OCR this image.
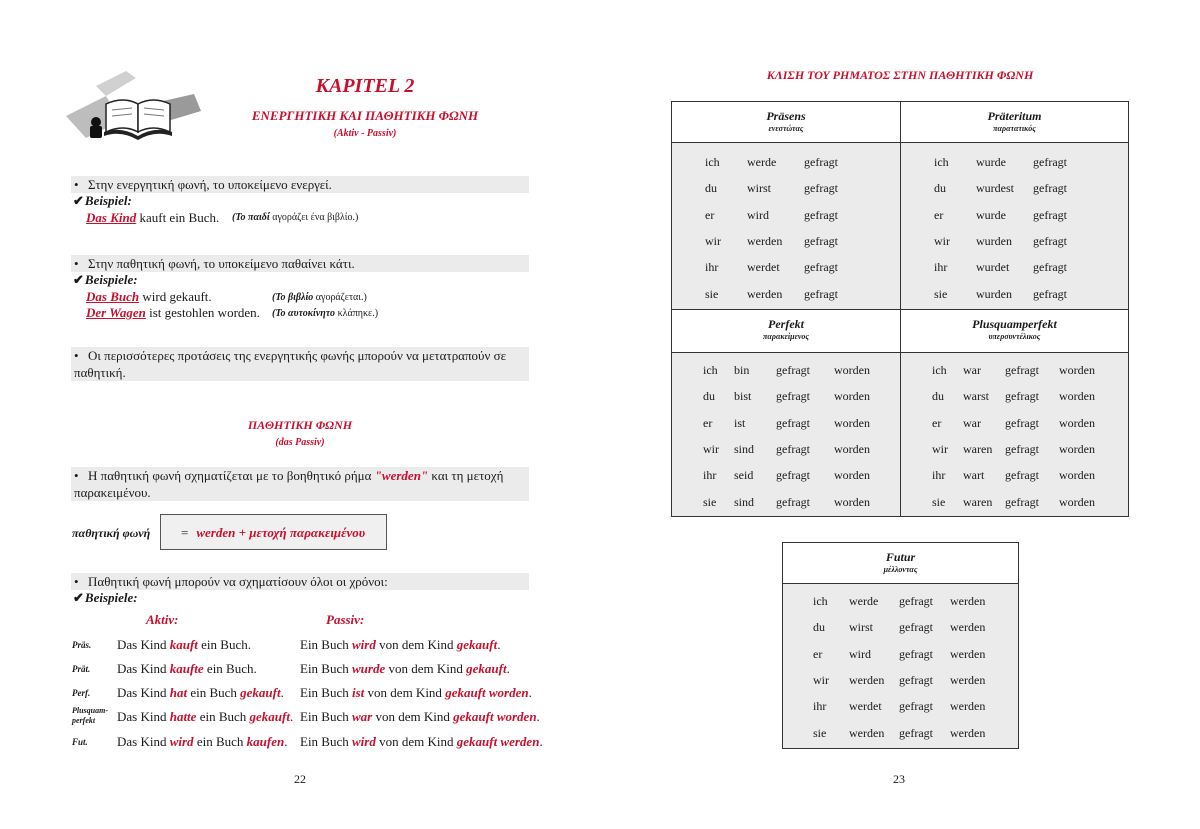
KAPITEL 2
ΕΝΕΡΓΗΤΙΚΗ ΚΑΙ ΠΑΘΗΤΙΚΗ ΦΩΝΗ
(Aktiv - Passiv)
• Στην ενεργητική φωνή, το υποκείμενο ενεργεί.
✔Beispiel:
Das Kind kauft ein Buch. (Το παιδί αγοράζει ένα βιβλίο.)
• Στην παθητική φωνή, το υποκείμενο παθαίνει κάτι.
✔Beispiele:
Das Buch wird gekauft.	(Το βιβλίο αγοράζεται.)
Der Wagen ist gestohlen worden. (Το αυτοκίνητο κλάπηκε.)
• Οι περισσότερες προτάσεις της ενεργητικής φωνής μπορούν να μετατραπούν σε
παθητική.
ΠΑΘΗΤΙΚΗ ΦΩΝΗ
(das Passiv)
• Η παθητική φωνή σχηματίζεται με το βοηθητικό ρήμα "werden" και τη μετοχή
παρακειμένου.
παθητική φωνή	= werden + μετοχή παρακειμένου
• Παθητική φωνή μπορούν να σχηματίσουν όλοι οι χρόνοι:
✔Beispiele:
Aktiv:	Passiv:
Präs. Das Kind kauft ein Buch.	Ein Buch wird von dem Kind gekauft.
Prät. Das Kind kaufte ein Buch.	Ein Buch wurde von dem Kind gekauft.
Perf. Das Kind hat ein Buch gekauft. Ein Buch ist von dem Kind gekauft worden.
Plusquam-perfekt	Das Kind hatte ein Buch gekauft. Ein Buch war von dem Kind gekauft worden.
Fut. Das Kind wird ein Buch kaufen. Ein Buch wird von dem Kind gekauft werden.
22
ΚΛΙΣΗ ΤΟΥ ΡΗΜΑΤΟΣ ΣΤΗΝ ΠΑΘΗΤΙΚΗ ΦΩΝΗ
Präsens
ενεστώτας
ich werde gefragt
du	wirst	gefragt
er	wird	gefragt
wir werden gefragt
ihr werdet gefragt
sie werden gefragt
Präteritum
παρατατικός
ich wurde gefragt
du	wurdest gefragt
er	wurde gefragt
wir wurden gefragt
ihr wurdet gefragt
sie wurden gefragt
Perfekt
παρακείμενος
ich bin gefragt worden
du bist gefragt worden
er ist	gefragt worden
wir sind gefragt worden
ihr seid gefragt worden
sie sind gefragt worden
Plusquamperfekt
υπερσυντέλικος
ich war gefragt worden
du warst gefragt worden
er war gefragt worden
wir waren gefragt worden
ihr wart gefragt worden
sie waren gefragt worden
Futur
μέλλοντας
ich werde gefragt werden
du wirst gefragt werden
er wird gefragt werden
wir werden gefragt werden
ihr werdet gefragt werden
sie werden gefragt werden
23
